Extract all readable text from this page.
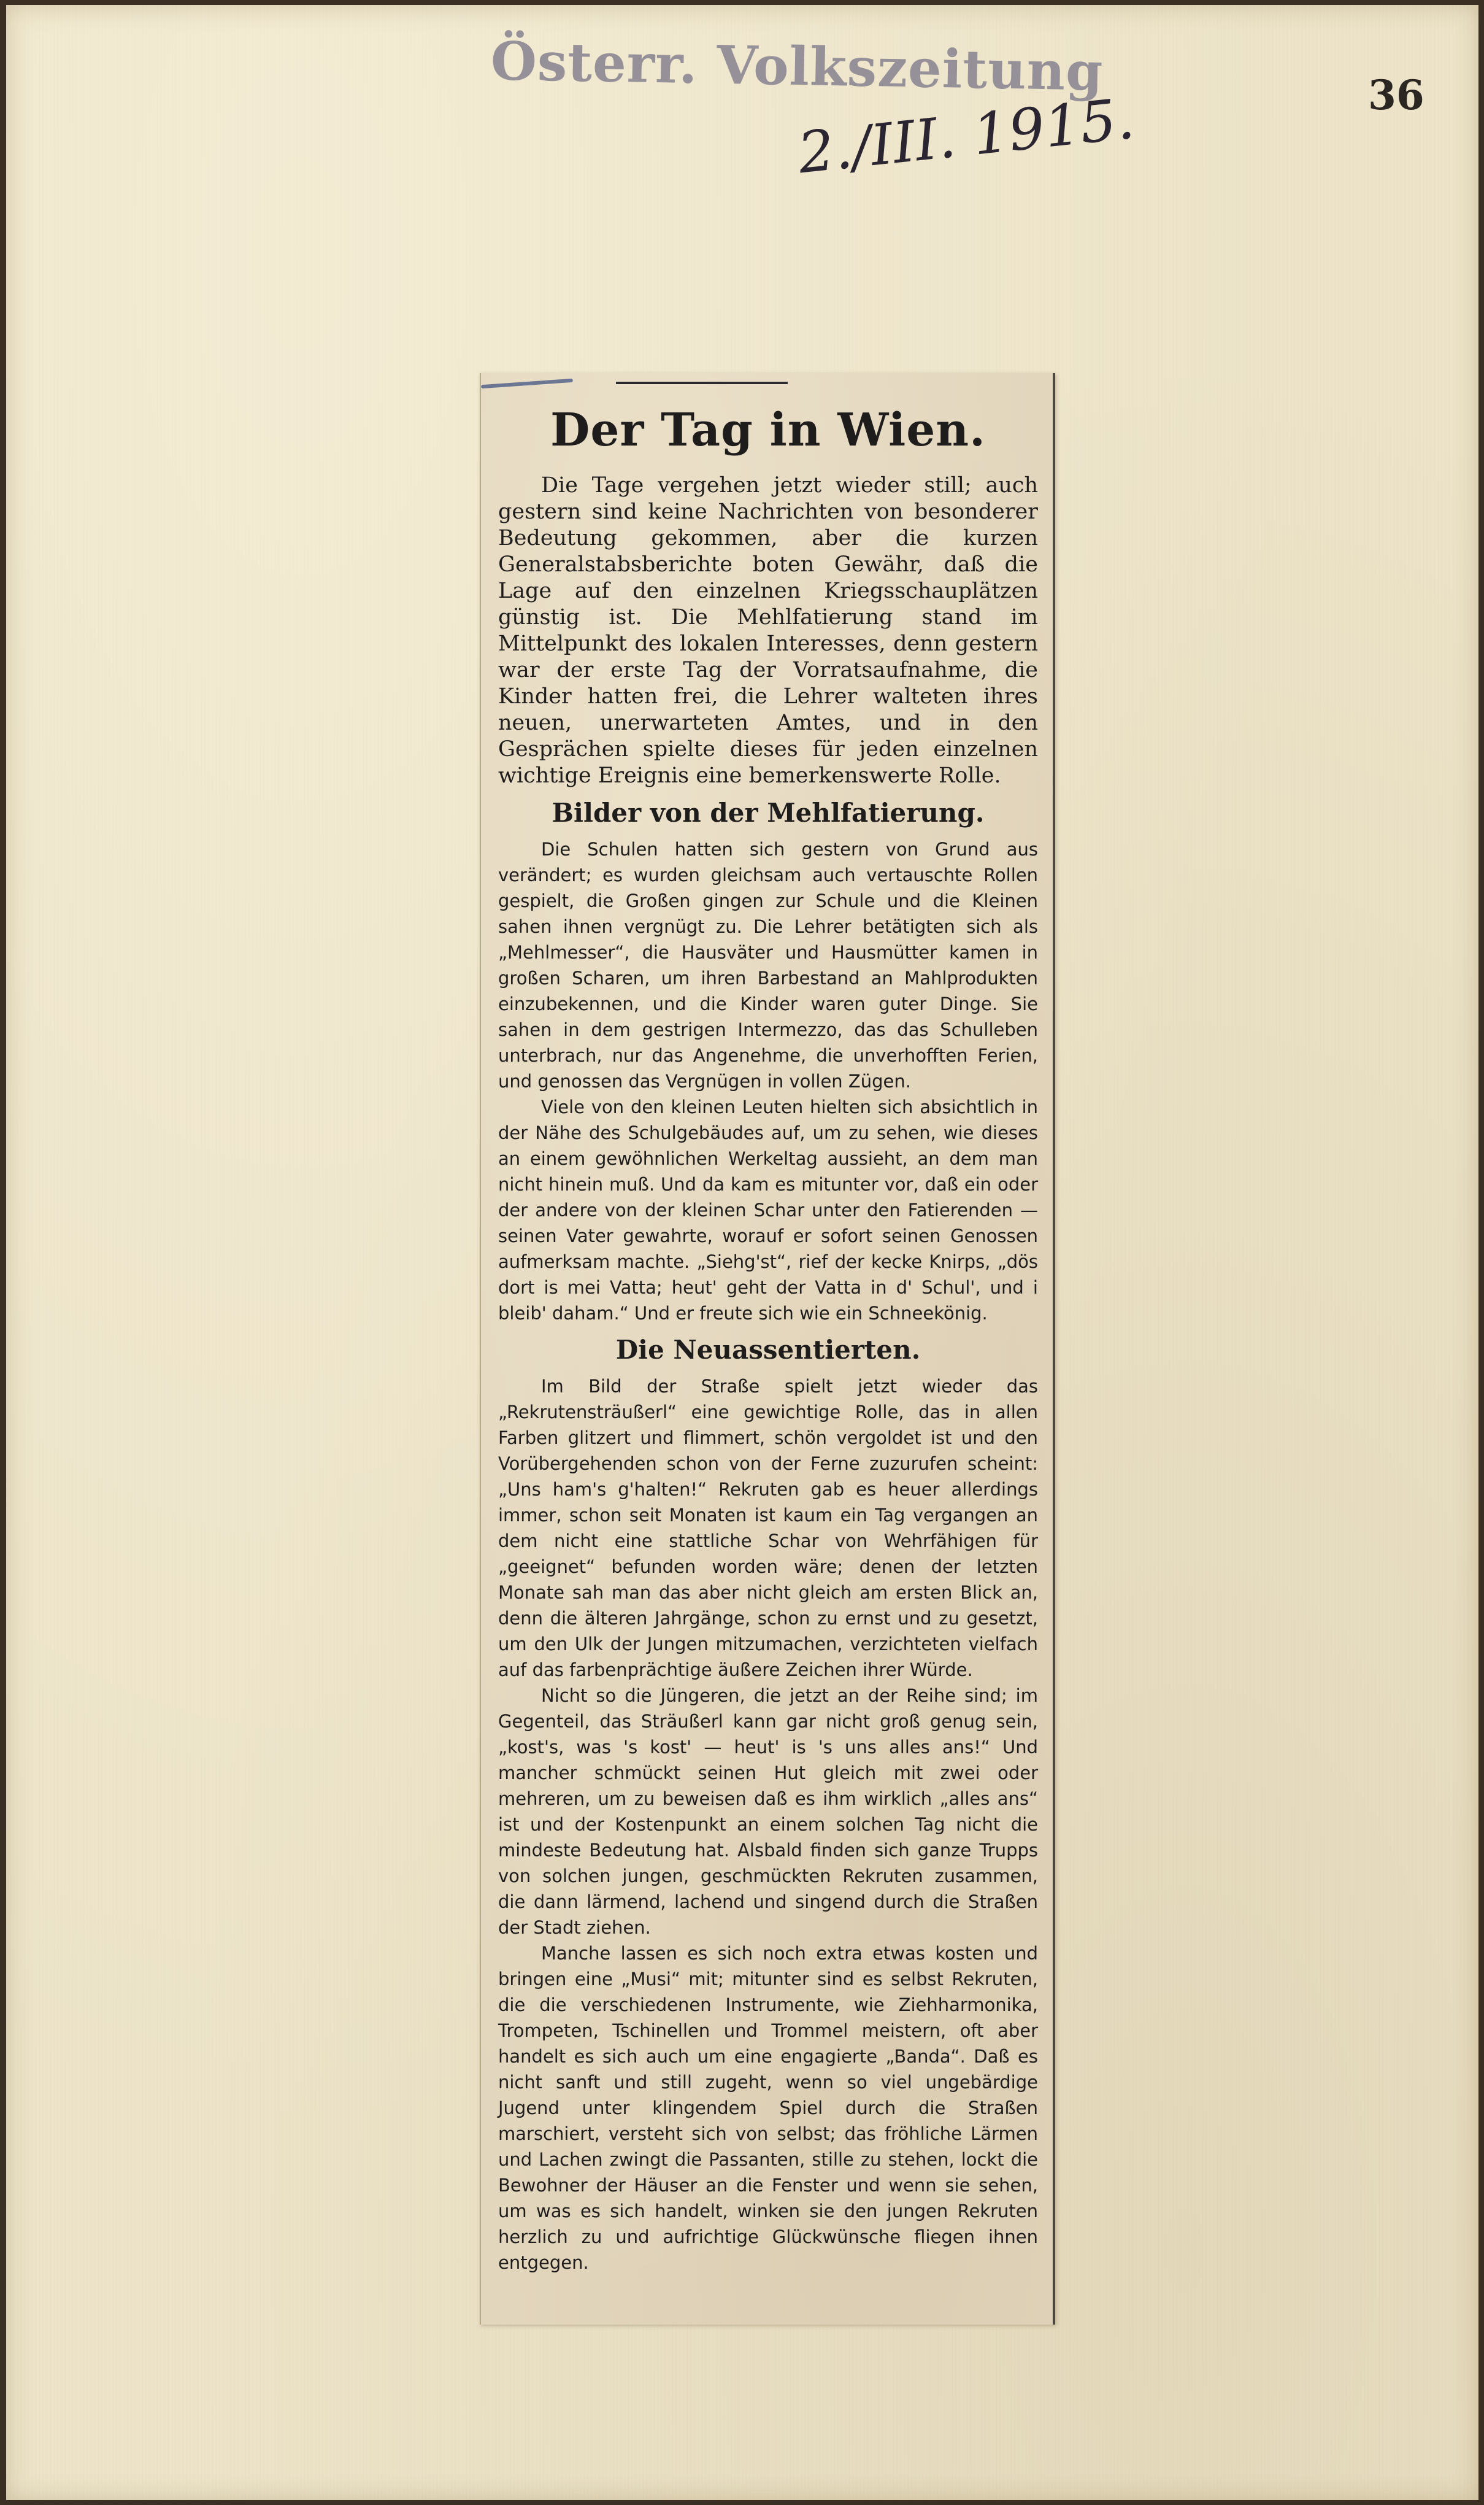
Österr. Volkszeitung
2./III. 1915.	36
Der Tag in Wien.

Die Tage vergehen jetzt wieder still; auch gestern sind keine Nachrichten von besonderer Bedeutung gekommen, aber die kurzen Generalstabsberichte boten Gewähr, daß die Lage auf den einzelnen Kriegsschauplätzen günstig ist. Die Mehlfatierung stand im Mittelpunkt des lokalen Interesses, denn gestern war der erste Tag der Vorratsaufnahme, die Kinder hatten frei, die Lehrer walteten ihres neuen, unerwarteten Amtes, und in den Gesprächen spielte dieses für jeden einzelnen wichtige Ereignis eine bemerkenswerte Rolle.

Bilder von der Mehlfatierung.

Die Schulen hatten sich gestern von Grund aus verändert; es wurden gleichsam auch vertauschte Rollen gespielt, die Großen gingen zur Schule und die Kleinen sahen ihnen vergnügt zu. Die Lehrer betätigten sich als „Mehlmesser“, die Hausväter und Hausmütter kamen in großen Scharen, um ihren Barbestand an Mahlprodukten einzubekennen, und die Kinder waren guter Dinge. Sie sahen in dem gestrigen Intermezzo, das das Schulleben unterbrach, nur das Angenehme, die unverhofften Ferien, und genossen das Vergnügen in vollen Zügen.

Viele von den kleinen Leuten hielten sich absichtlich in der Nähe des Schulgebäudes auf, um zu sehen, wie dieses an einem gewöhnlichen Werkeltag aussieht, an dem man nicht hinein muß. Und da kam es mitunter vor, daß ein oder der andere von der kleinen Schar unter den Fatierenden — seinen Vater gewahrte, worauf er sofort seinen Genossen aufmerksam machte. „Siehg'st“, rief der kecke Knirps, „dös dort is mei Vatta; heut' geht der Vatta in d' Schul', und i bleib' daham.“ Und er freute sich wie ein Schneekönig.

Die Neuassentierten.

Im Bild der Straße spielt jetzt wieder das „Rekrutensträußerl“ eine gewichtige Rolle, das in allen Farben glitzert und flimmert, schön vergoldet ist und den Vorübergehenden schon von der Ferne zuzurufen scheint: „Uns ham's g'halten!“ Rekruten gab es heuer allerdings immer, schon seit Monaten ist kaum ein Tag vergangen an dem nicht eine stattliche Schar von Wehrfähigen für „geeignet“ befunden worden wäre; denen der letzten Monate sah man das aber nicht gleich am ersten Blick an, denn die älteren Jahrgänge, schon zu ernst und zu gesetzt, um den Ulk der Jungen mitzumachen, verzichteten vielfach auf das farbenprächtige äußere Zeichen ihrer Würde.

Nicht so die Jüngeren, die jetzt an der Reihe sind; im Gegenteil, das Sträußerl kann gar nicht groß genug sein, „kost's, was 's kost' — heut' is 's uns alles ans!“ Und mancher schmückt seinen Hut gleich mit zwei oder mehreren, um zu beweisen daß es ihm wirklich „alles ans“ ist und der Kostenpunkt an einem solchen Tag nicht die mindeste Bedeutung hat. Alsbald finden sich ganze Trupps von solchen jungen, geschmückten Rekruten zusammen, die dann lärmend, lachend und singend durch die Straßen der Stadt ziehen.

Manche lassen es sich noch extra etwas kosten und bringen eine „Musi“ mit; mitunter sind es selbst Rekruten, die die verschiedenen Instrumente, wie Ziehharmonika, Trompeten, Tschinellen und Trommel meistern, oft aber handelt es sich auch um eine engagierte „Banda“. Daß es nicht sanft und still zugeht, wenn so viel ungebärdige Jugend unter klingendem Spiel durch die Straßen marschiert, versteht sich von selbst; das fröhliche Lärmen und Lachen zwingt die Passanten, stille zu stehen, lockt die Bewohner der Häuser an die Fenster und wenn sie sehen, um was es sich handelt, winken sie den jungen Rekruten herzlich zu und aufrichtige Glückwünsche fliegen ihnen entgegen.
